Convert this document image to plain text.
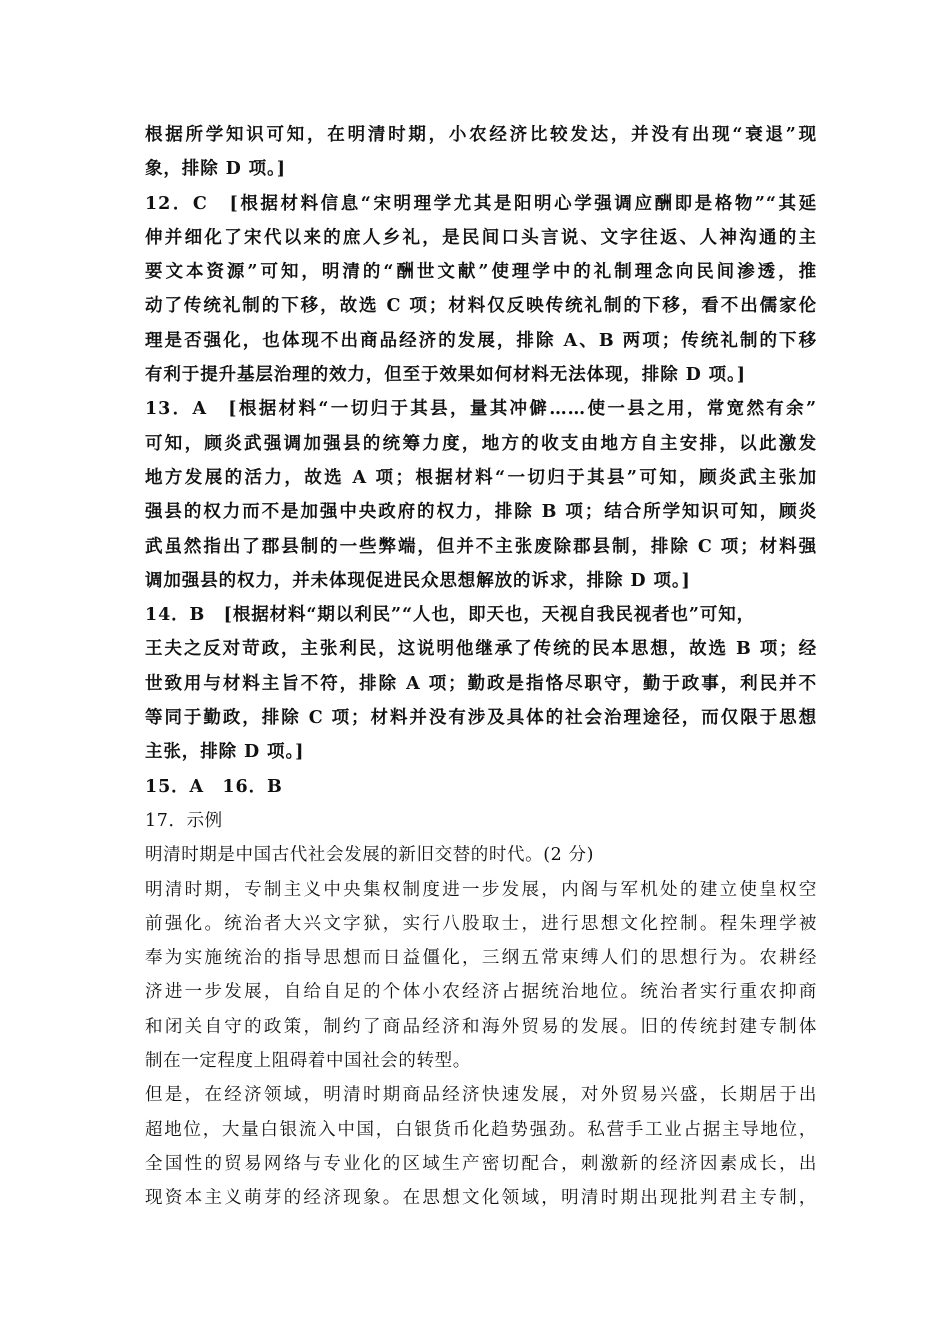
根据所学知识可知，在明清时期，小农经济比较发达，并没有出现“衰退”现
象，排除 D 项。]
12．C　[根据材料信息“宋明理学尤其是阳明心学强调应酬即是格物”“其延
伸并细化了宋代以来的庶人乡礼，是民间口头言说、文字往返、人神沟通的主
要文本资源”可知，明清的“酬世文献”使理学中的礼制理念向民间渗透，推
动了传统礼制的下移，故选 C 项；材料仅反映传统礼制的下移，看不出儒家伦
理是否强化，也体现不出商品经济的发展，排除 A、B 两项；传统礼制的下移
有利于提升基层治理的效力，但至于效果如何材料无法体现，排除 D 项。]
13．A　[根据材料“一切归于其县，量其冲僻……使一县之用，常宽然有余”
可知，顾炎武强调加强县的统筹力度，地方的收支由地方自主安排，以此激发
地方发展的活力，故选 A 项；根据材料“一切归于其县”可知，顾炎武主张加
强县的权力而不是加强中央政府的权力，排除 B 项；结合所学知识可知，顾炎
武虽然指出了郡县制的一些弊端，但并不主张废除郡县制，排除 C 项；材料强
调加强县的权力，并未体现促进民众思想解放的诉求，排除 D 项。]
14．B　[根据材料“期以利民”“人也，即天也，天视自我民视者也”可知，
王夫之反对苛政，主张利民，这说明他继承了传统的民本思想，故选 B 项；经
世致用与材料主旨不符，排除 A 项；勤政是指恪尽职守，勤于政事，利民并不
等同于勤政，排除 C 项；材料并没有涉及具体的社会治理途径，而仅限于思想
主张，排除 D 项。]
15．A　16．B
17．示例
明清时期是中国古代社会发展的新旧交替的时代。(2 分)
明清时期，专制主义中央集权制度进一步发展，内阁与军机处的建立使皇权空
前强化。统治者大兴文字狱，实行八股取士，进行思想文化控制。程朱理学被
奉为实施统治的指导思想而日益僵化，三纲五常束缚人们的思想行为。农耕经
济进一步发展，自给自足的个体小农经济占据统治地位。统治者实行重农抑商
和闭关自守的政策，制约了商品经济和海外贸易的发展。旧的传统封建专制体
制在一定程度上阻碍着中国社会的转型。
但是，在经济领域，明清时期商品经济快速发展，对外贸易兴盛，长期居于出
超地位，大量白银流入中国，白银货币化趋势强劲。私营手工业占据主导地位，
全国性的贸易网络与专业化的区域生产密切配合，刺激新的经济因素成长，出
现资本主义萌芽的经济现象。在思想文化领域，明清时期出现批判君主专制，
